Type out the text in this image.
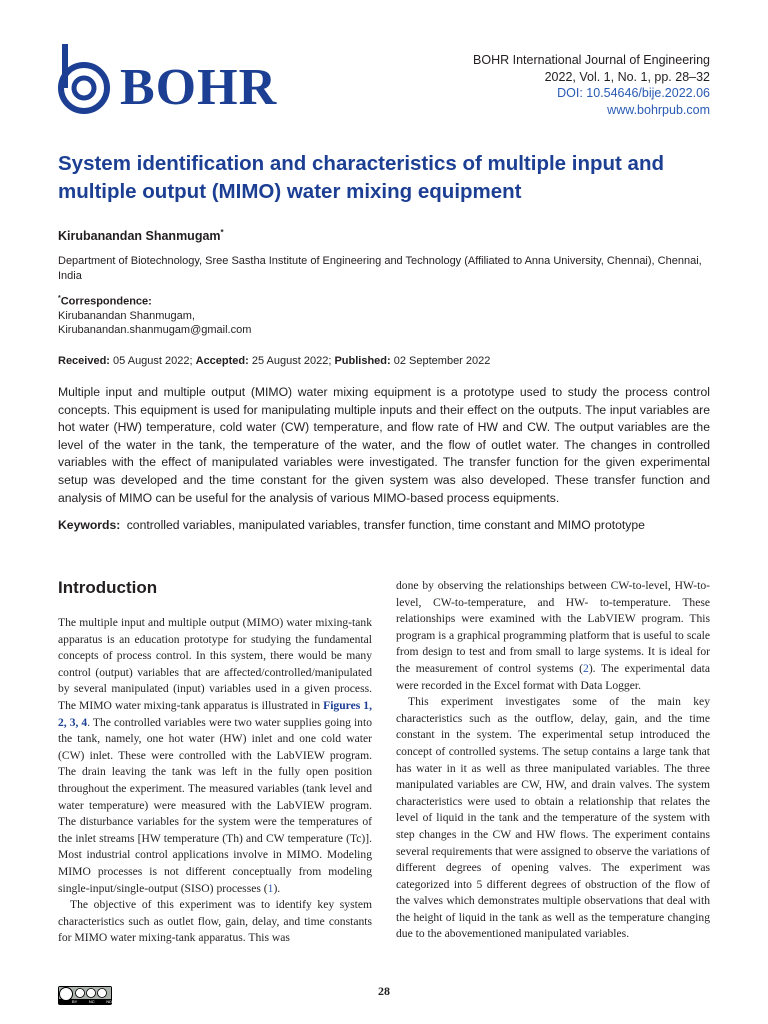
BOHR	BOHR International Journal of Engineering
2022, Vol. 1, No. 1, pp. 28–32
DOI: 10.54646/bije.2022.06
www.bohrpub.com
System identification and characteristics of multiple input and multiple output (MIMO) water mixing equipment
Kirubanandan Shanmugam*
Department of Biotechnology, Sree Sastha Institute of Engineering and Technology (Affiliated to Anna University, Chennai), Chennai, India
*Correspondence:
Kirubanandan Shanmugam,
Kirubanandan.shanmugam@gmail.com
Received: 05 August 2022; Accepted: 25 August 2022; Published: 02 September 2022

Multiple input and multiple output (MIMO) water mixing equipment is a prototype used to study the process control concepts. This equipment is used for manipulating multiple inputs and their effect on the outputs. The input variables are hot water (HW) temperature, cold water (CW) temperature, and flow rate of HW and CW. The output variables are the level of the water in the tank, the temperature of the water, and the flow of outlet water. The changes in controlled variables with the effect of manipulated variables were investigated. The transfer function for the given experimental setup was developed and the time constant for the given system was also developed. These transfer function and analysis of MIMO can be useful for the analysis of various MIMO-based process equipments.

Keywords: controlled variables, manipulated variables, transfer function, time constant and MIMO prototype
Introduction

The multiple input and multiple output (MIMO) water mixing-tank apparatus is an education prototype for studying the fundamental concepts of process control. In this system, there would be many control (output) variables that are affected/controlled/manipulated by several manipulated (input) variables used in a given process. The MIMO water mixing-tank apparatus is illustrated in Figures 1, 2, 3, 4. The controlled variables were two water supplies going into the tank, namely, one hot water (HW) inlet and one cold water (CW) inlet. These were controlled with the LabVIEW program. The drain leaving the tank was left in the fully open position throughout the experiment. The measured variables (tank level and water temperature) were measured with the LabVIEW program. The disturbance variables for the system were the temperatures of the inlet streams [HW temperature (Th) and CW temperature (Tc)]. Most industrial control applications involve in MIMO. Modeling MIMO processes is not different conceptually from modeling single-input/single-output (SISO) processes (1).

The objective of this experiment was to identify key system characteristics such as outlet flow, gain, delay, and time constants for MIMO water mixing-tank apparatus. This was

done by observing the relationships between CW-to-level, HW-to-level, CW-to-temperature, and HW- to-temperature. These relationships were examined with the LabVIEW program. This program is a graphical programming platform that is useful to scale from design to test and from small to large systems. It is ideal for the measurement of control systems (2). The experimental data were recorded in the Excel format with Data Logger.

This experiment investigates some of the main key characteristics such as the outflow, delay, gain, and the time constant in the system. The experimental setup introduced the concept of controlled systems. The setup contains a large tank that has water in it as well as three manipulated variables. The three manipulated variables are CW, HW, and drain valves. The system characteristics were used to obtain a relationship that relates the level of liquid in the tank and the temperature of the system with step changes in the CW and HW flows. The experiment contains several requirements that were assigned to observe the variations of different degrees of opening valves. The experiment was categorized into 5 different degrees of obstruction of the flow of the valves which demonstrates multiple observations that deal with the height of liquid in the tank as well as the temperature changing due to the abovementioned manipulated variables.

BY	NC	ND
28
